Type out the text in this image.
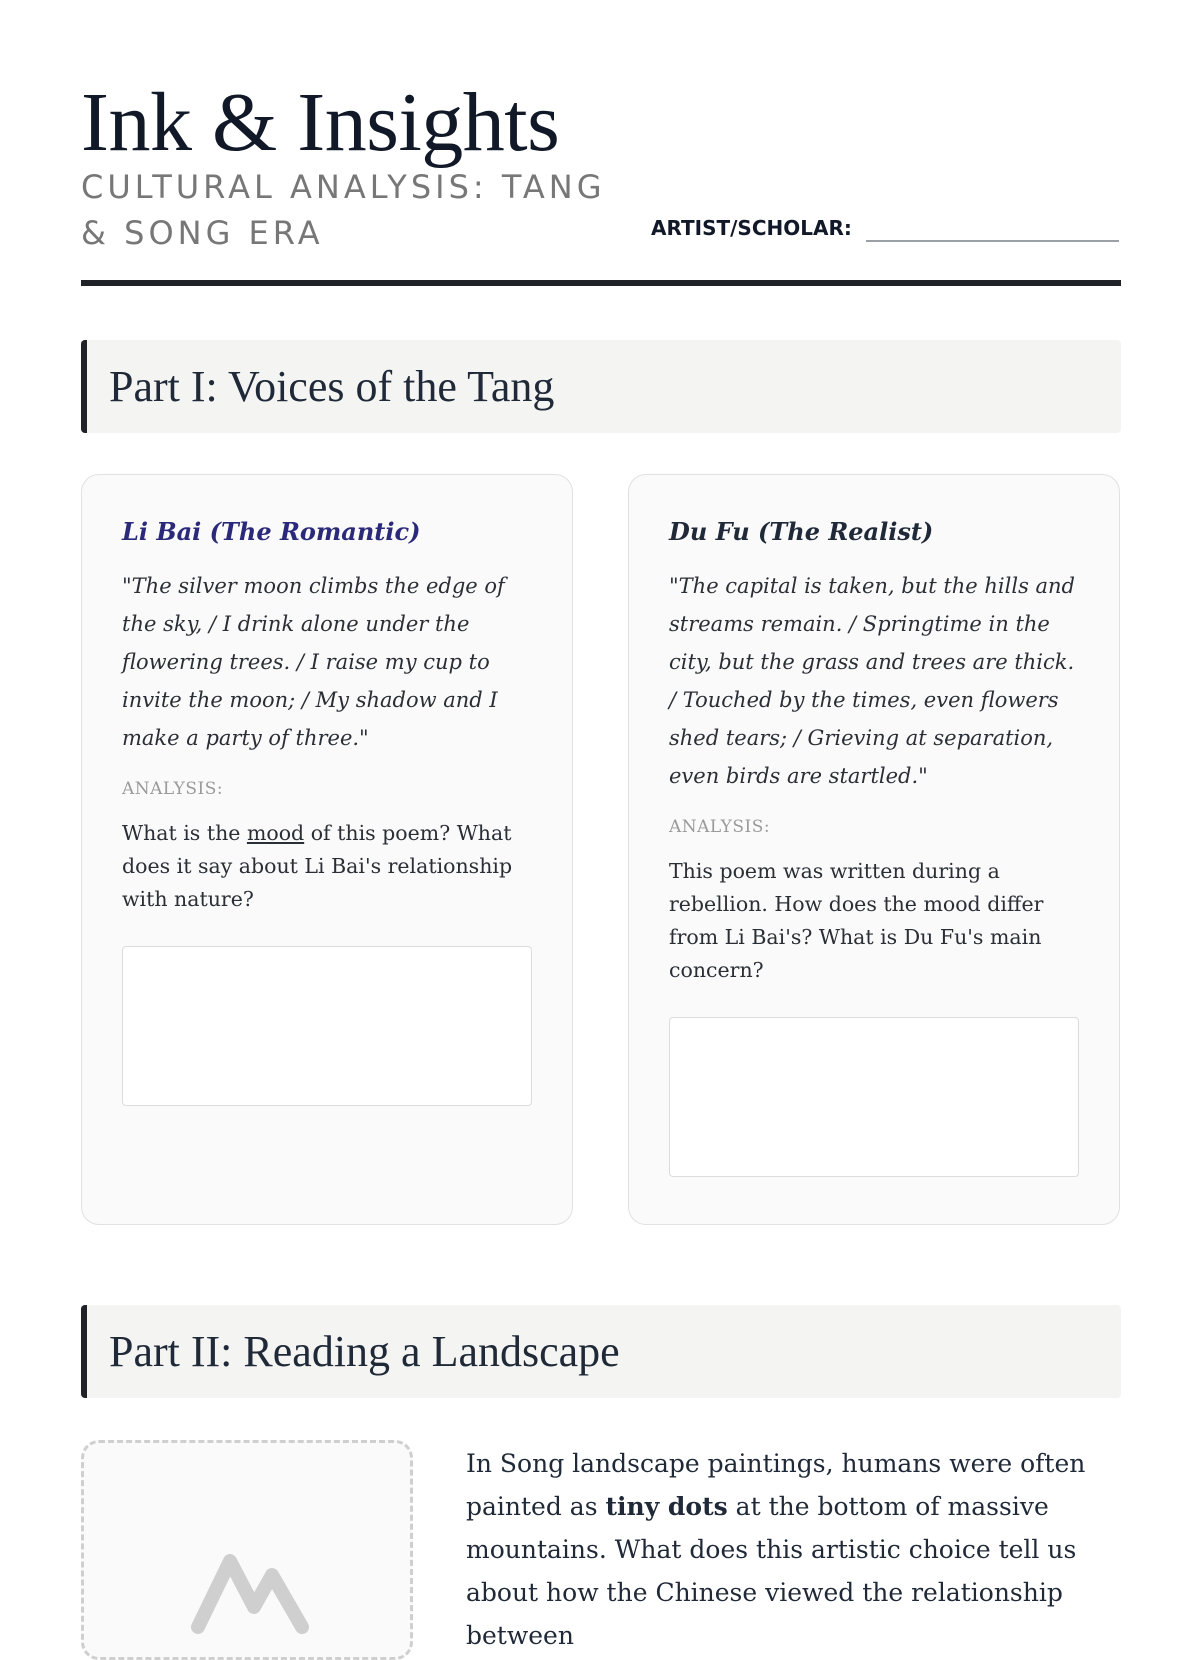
Ink & Insights
CULTURAL ANALYSIS: TANG & SONG ERA	ARTIST/SCHOLAR:
Part I: Voices of the Tang
Li Bai (The Romantic)
"The silver moon climbs the edge of the sky, / I drink alone under the flowering trees. / I raise my cup to invite the moon; / My shadow and I make a party of three."
ANALYSIS:
What is the mood of this poem? What does it say about Li Bai's relationship with nature?
Du Fu (The Realist)
"The capital is taken, but the hills and streams remain. / Springtime in the city, but the grass and trees are thick. / Touched by the times, even flowers shed tears; / Grieving at separation, even birds are startled."
ANALYSIS:
This poem was written during a rebellion. How does the mood differ from Li Bai's? What is Du Fu's main concern?
Part II: Reading a Landscape
In Song landscape paintings, humans were often painted as tiny dots at the bottom of massive mountains. What does this artistic choice tell us about how the Chinese viewed the relationship between
